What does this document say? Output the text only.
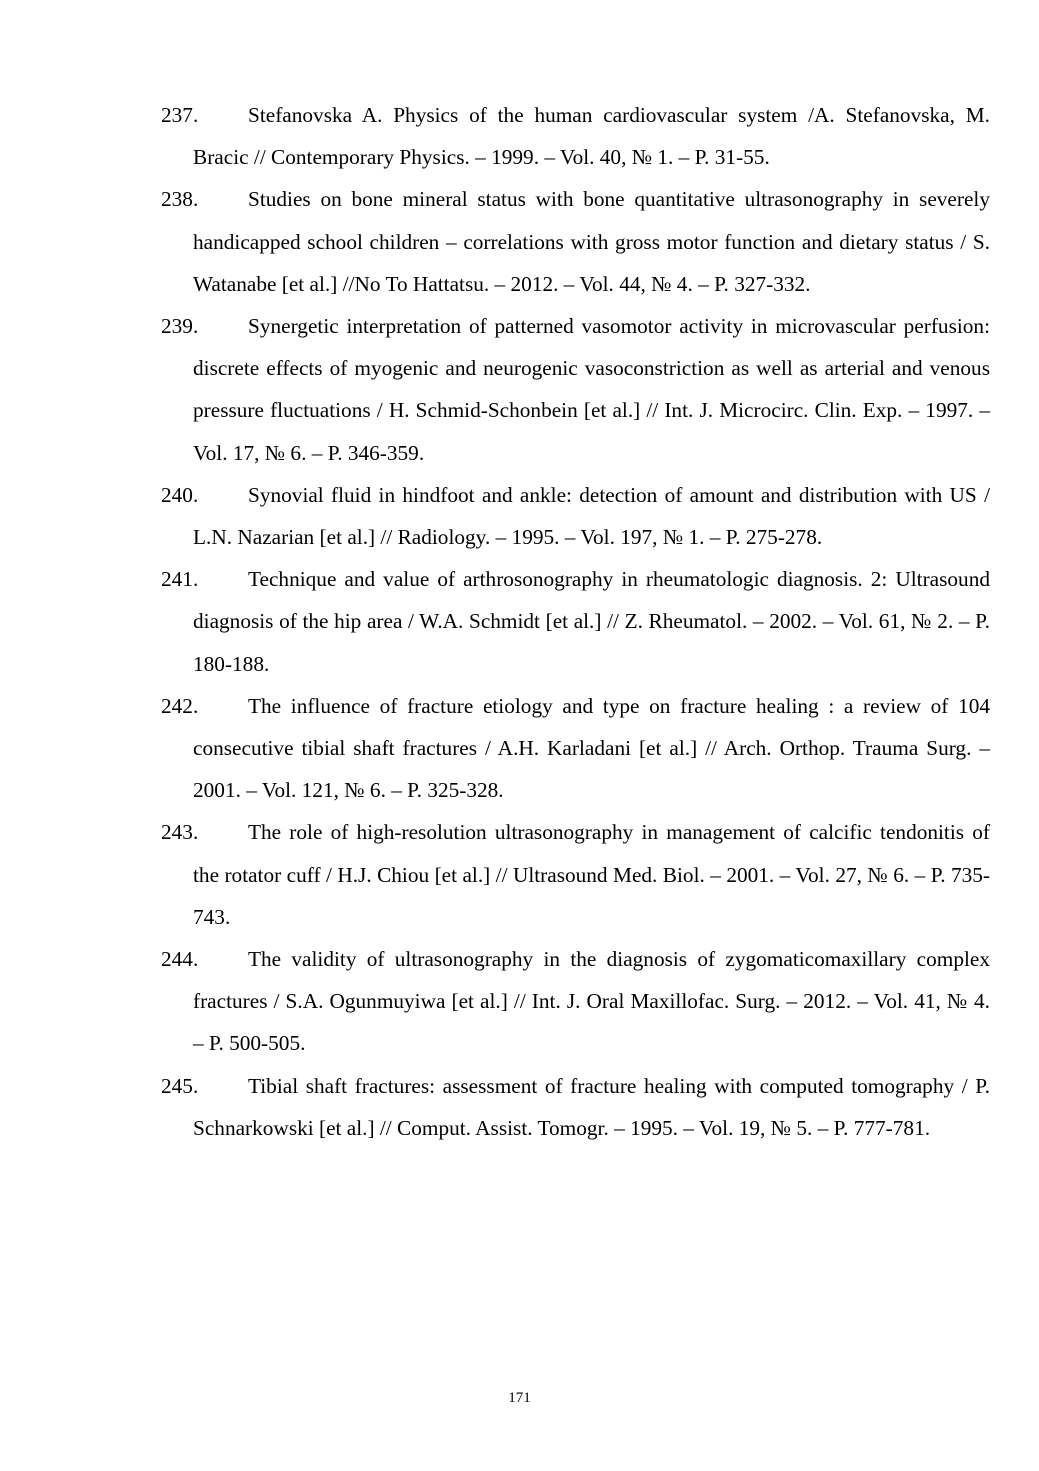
237. Stefanovska A. Physics of the human cardiovascular system /A. Stefanovska, M. Bracic // Contemporary Physics. – 1999. – Vol. 40, № 1. – P. 31-55.
238. Studies on bone mineral status with bone quantitative ultrasonography in severely handicapped school children – correlations with gross motor function and dietary status / S. Watanabe [et al.] //No To Hattatsu. – 2012. – Vol. 44, № 4. – P. 327-332.
239. Synergetic interpretation of patterned vasomotor activity in microvascular perfusion: discrete effects of myogenic and neurogenic vasoconstriction as well as arterial and venous pressure fluctuations / H. Schmid-Schonbein [et al.] // Int. J. Microcirc. Clin. Exp. – 1997. – Vol. 17, № 6. – P. 346-359.
240. Synovial fluid in hindfoot and ankle: detection of amount and distribution with US / L.N. Nazarian [et al.] // Radiology. – 1995. – Vol. 197, № 1. – P. 275-278.
241. Technique and value of arthrosonography in rheumatologic diagnosis. 2: Ultrasound diagnosis of the hip area / W.A. Schmidt [et al.] // Z. Rheumatol. – 2002. – Vol. 61, № 2. – P. 180-188.
242. The influence of fracture etiology and type on fracture healing : a review of 104 consecutive tibial shaft fractures / A.H. Karladani [et al.] // Arch. Orthop. Trauma Surg. – 2001. – Vol. 121, № 6. – P. 325-328.
243. The role of high-resolution ultrasonography in management of calcific tendonitis of the rotator cuff / H.J. Chiou [et al.] // Ultrasound Med. Biol. – 2001. – Vol. 27, № 6. – P. 735-743.
244. The validity of ultrasonography in the diagnosis of zygomaticomaxillary complex fractures / S.A. Ogunmuyiwa [et al.] // Int. J. Oral Maxillofac. Surg. – 2012. – Vol. 41, № 4. – P. 500-505.
245. Tibial shaft fractures: assessment of fracture healing with computed tomography / P. Schnarkowski [et al.] // Comput. Assist. Tomogr. – 1995. – Vol. 19, № 5. – P. 777-781.
171
